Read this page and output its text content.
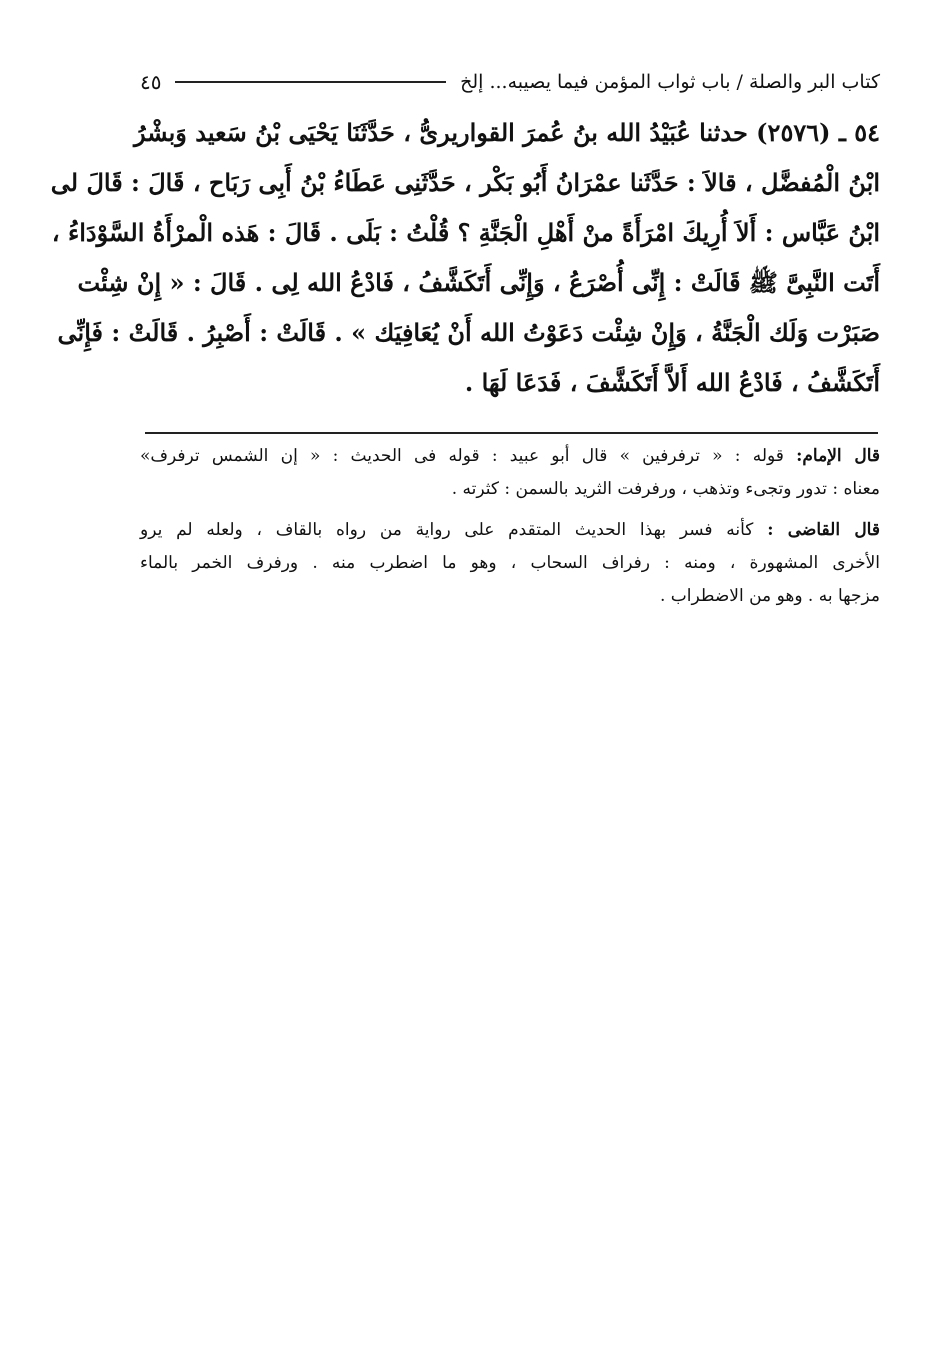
كتاب البر والصلة / باب ثواب المؤمن فيما يصيبه... إلخ
٤٥
٥٤ ـ (٢٥٧٦) حدثنا عُبَيْدُ الله بنُ عُمرَ القواريرىُّ ، حَدَّثَنَا يَحْيَى بْنُ سَعيد وَبشْرُ
ابْنُ الْمُفضَّل ، قالاَ : حَدَّثَنا عمْرَانُ أَبُو بَكْر ، حَدَّثَنِى عَطَاءُ بْنُ أَبِى رَبَاح ، قَالَ : قَالَ لى
ابْنُ عَبَّاس : أَلاَ أُرِيكَ امْرَأَةً منْ أَهْلِ الْجَنَّةِ ؟ قُلْتُ : بَلَى . قَالَ : هَذه الْمرْأَةُ السَّوْدَاءُ ،
أَتَت النَّبِىَّ ﷺ قَالَتْ : إِنِّى أُصْرَعُ ، وَإِنِّى أَتَكَشَّفُ ، فَادْعُ الله لِى . قَالَ : « إِنْ شِئْت
صَبَرْت وَلَك الْجَنَّةُ ، وَإِنْ شِئْت دَعَوْتُ الله أَنْ يُعَافِيَك » . قَالَتْ : أَصْبِرُ . قَالَتْ : فَإِنِّى
أَتَكَشَّفُ ، فَادْعُ الله أَلاَّ أَتَكَشَّفَ ، فَدَعَا لَهَا .
قال الإمام: قوله : « ترفرفين » قال أبو عبيد : قوله فى الحديث : « إن الشمس ترفرف»
معناه : تدور وتجىء وتذهب ، ورفرفت الثريد بالسمن : كثرته .
قال القاضى : كأنه فسر بهذا الحديث المتقدم على رواية من رواه بالقاف ، ولعله لم يرو
الأخرى المشهورة ، ومنه : رفراف السحاب ، وهو ما اضطرب منه . ورفرف الخمر بالماء
مزجها به . وهو من الاضطراب .
